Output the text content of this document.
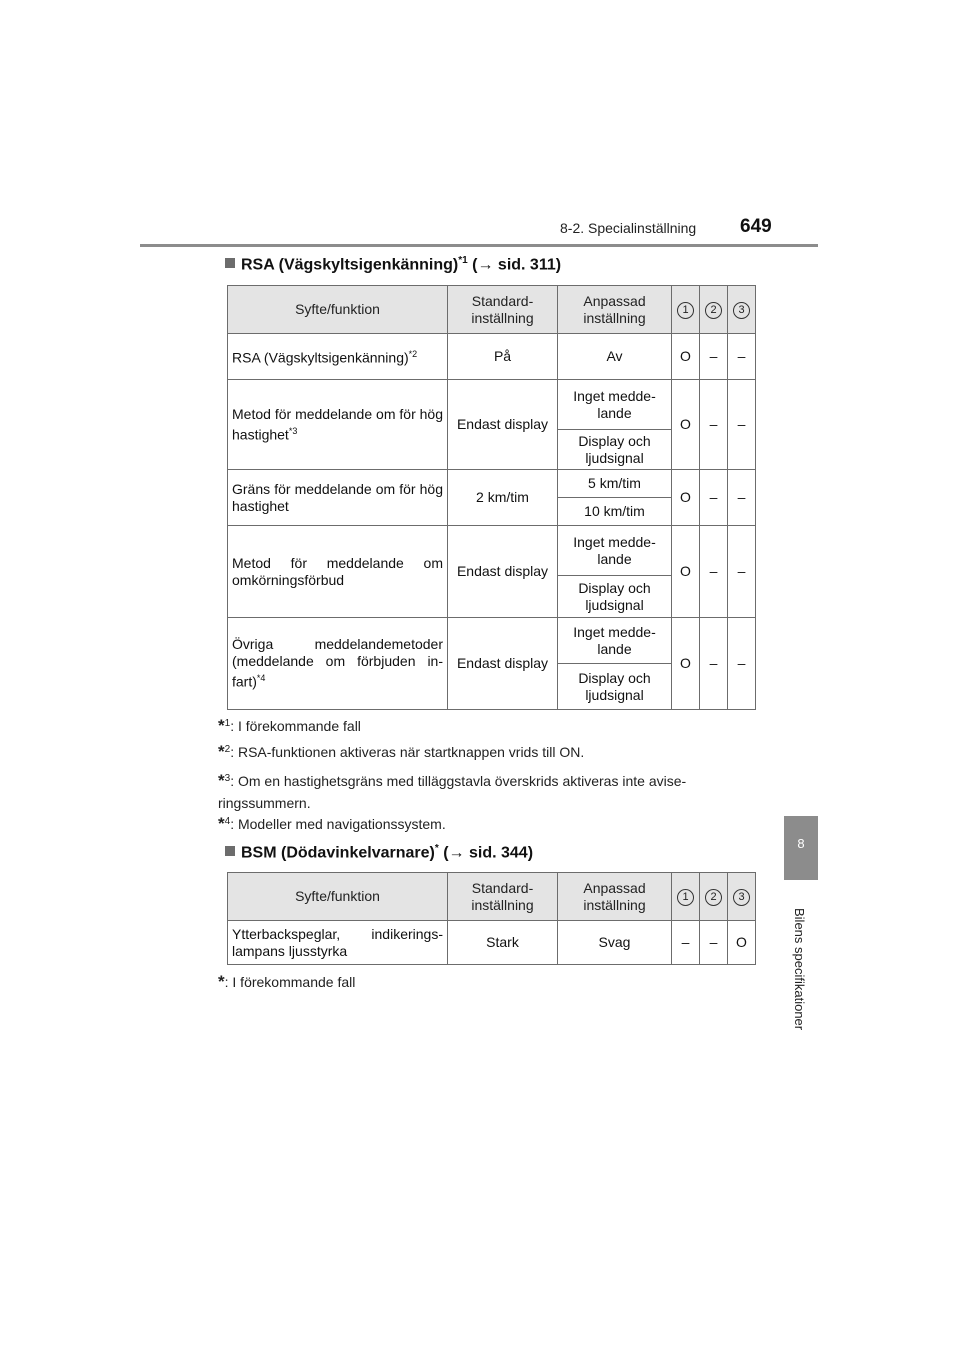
8-2. Specialinställning 649
8
Bilens specifikationer
RSA (Vägskyltsigenkänning)$^{*1}$ (→ sid. 311)
Syfte/funktion	Standard-inställning	Anpassad inställning	1	2	3
RSA (Vägskyltsigenkänning)$^{*2}$	På	Av	O	–	–
Metod för meddelande om för hög hastighet$^{*3}$	Endast display	Inget medde-lande	O	–	–
		Display och ljudsignal			
Gräns för meddelande om för hög hastighet	2 km/tim	5 km/tim	O	–	–
		10 km/tim			
Metod för meddelande om omkörningsförbud	Endast display	Inget medde-lande	O	–	–
		Display och ljudsignal			
Övriga meddelandemetoder (meddelande om förbjuden in-fart)$^{*4}$	Endast display	Inget medde-lande	O	–	–
		Display och ljudsignal			
*$^1$: I förekommande fall
*$^2$: RSA-funktionen aktiveras när startknappen vrids till ON.
*$^3$: Om en hastighetsgräns med tilläggstavla överskrids aktiveras inte avise-ringssummern.
*$^4$: Modeller med navigationssystem.
BSM (Dödavinkelvarnare)* (→ sid. 344)
Syfte/funktion	Standard-inställning	Anpassad inställning	1	2	3
Ytterbackspeglar, indikerings-lampans ljusstyrka	Stark	Svag	–	–	O
*: I förekommande fall
